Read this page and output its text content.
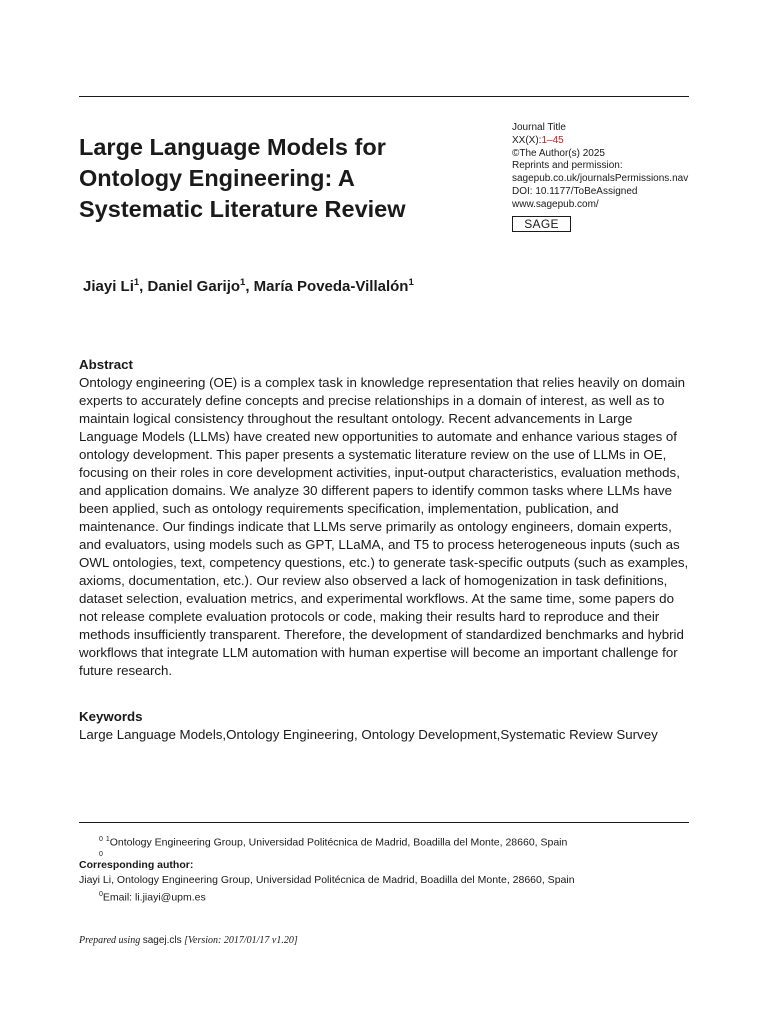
Large Language Models for Ontology Engineering: A Systematic Literature Review
Journal Title
XX(X):1–45
©The Author(s) 2025
Reprints and permission:
sagepub.co.uk/journalsPermissions.nav
DOI: 10.1177/ToBeAssigned
www.sagepub.com/
SAGE
Jiayi Li$^1$, Daniel Garijo$^1$, María Poveda-Villalón$^1$
Abstract

Ontology engineering (OE) is a complex task in knowledge representation that relies heavily on domain experts to accurately define concepts and precise relationships in a domain of interest, as well as to maintain logical consistency throughout the resultant ontology. Recent advancements in Large Language Models (LLMs) have created new opportunities to automate and enhance various stages of ontology development. This paper presents a systematic literature review on the use of LLMs in OE, focusing on their roles in core development activities, input-output characteristics, evaluation methods, and application domains. We analyze 30 different papers to identify common tasks where LLMs have been applied, such as ontology requirements specification, implementation, publication, and maintenance. Our findings indicate that LLMs serve primarily as ontology engineers, domain experts, and evaluators, using models such as GPT, LLaMA, and T5 to process heterogeneous inputs (such as OWL ontologies, text, competency questions, etc.) to generate task-specific outputs (such as examples, axioms, documentation, etc.). Our review also observed a lack of homogenization in task definitions, dataset selection, evaluation metrics, and experimental workflows. At the same time, some papers do not release complete evaluation protocols or code, making their results hard to reproduce and their methods insufficiently transparent. Therefore, the development of standardized benchmarks and hybrid workflows that integrate LLM automation with human expertise will become an important challenge for future research.

Keywords
Large Language Models,Ontology Engineering, Ontology Development,Systematic Review Survey
$^0$ $^1$Ontology Engineering Group, Universidad Politécnica de Madrid, Boadilla del Monte, 28660, Spain
0
Corresponding author:
Jiayi Li, Ontology Engineering Group, Universidad Politécnica de Madrid, Boadilla del Monte, 28660, Spain
$^0$Email: li.jiayi@upm.es
Prepared using sagej.cls [Version: 2017/01/17 v1.20]
